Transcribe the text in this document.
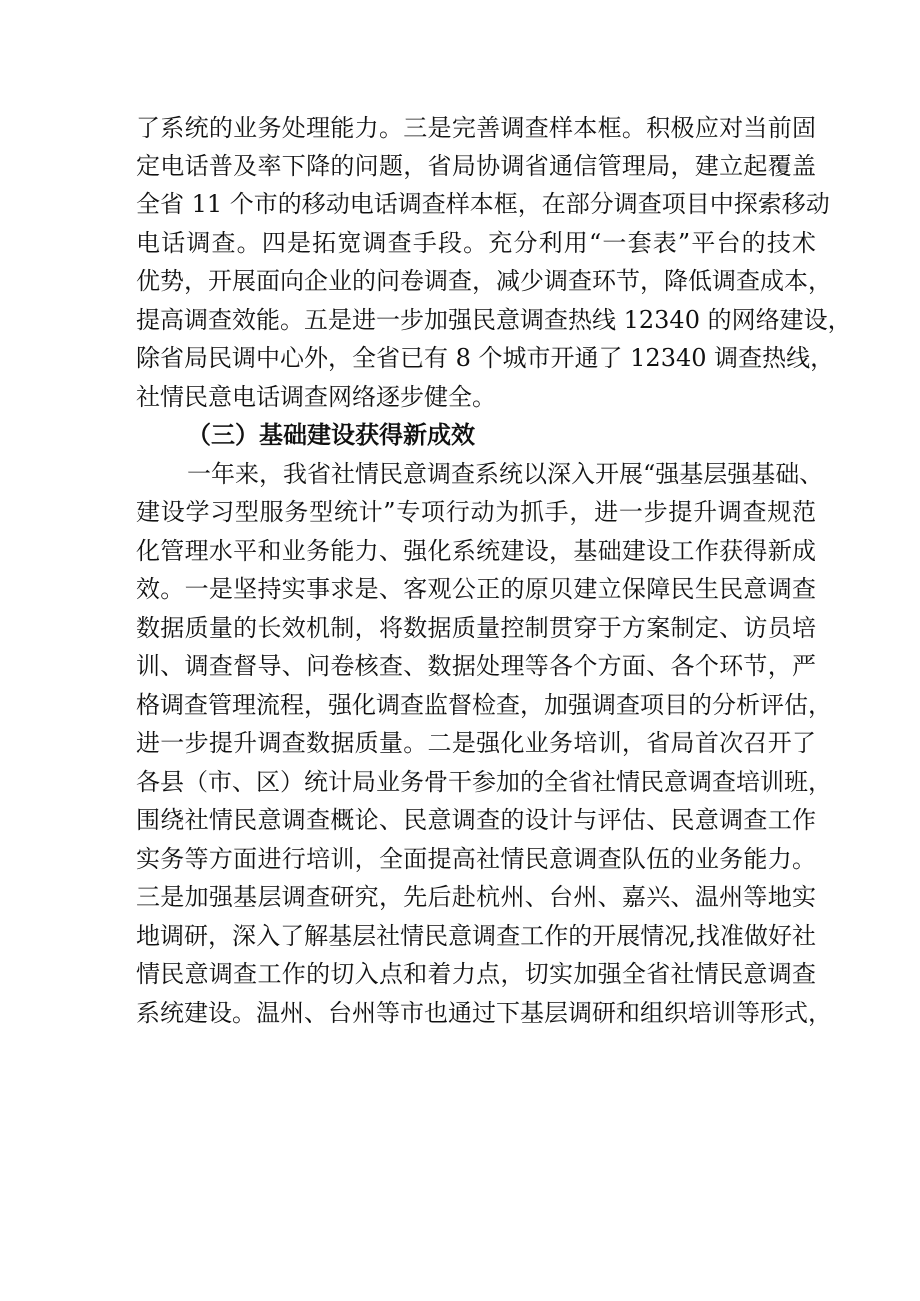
了系统的业务处理能力。三是完善调查样本框。积极应对当前固
定电话普及率下降的问题，省局协调省通信管理局，建立起覆盖
全省 11 个市的移动电话调查样本框，在部分调查项目中探索移动
电话调查。四是拓宽调查手段。充分利用“一套表”平台的技术
优势，开展面向企业的问卷调查，减少调查环节，降低调查成本，
提高调查效能。五是进一步加强民意调查热线 12340 的网络建设，
除省局民调中心外，全省已有 8 个城市开通了 12340 调查热线，
社情民意电话调查网络逐步健全。
（三）基础建设获得新成效
一年来，我省社情民意调查系统以深入开展“强基层强基础、
建设学习型服务型统计”专项行动为抓手，进一步提升调查规范
化管理水平和业务能力、强化系统建设，基础建设工作获得新成
效。一是坚持实事求是、客观公正的原贝建立保障民生民意调查
数据质量的长效机制，将数据质量控制贯穿于方案制定、访员培
训、调查督导、问卷核查、数据处理等各个方面、各个环节，严
格调查管理流程，强化调查监督检查，加强调查项目的分析评估，
进一步提升调查数据质量。二是强化业务培训，省局首次召开了
各县（市、区）统计局业务骨干参加的全省社情民意调查培训班，
围绕社情民意调查概论、民意调查的设计与评估、民意调查工作
实务等方面进行培训，全面提高社情民意调查队伍的业务能力。
三是加强基层调查研究，先后赴杭州、台州、嘉兴、温州等地实
地调研，深入了解基层社情民意调查工作的开展情况,找准做好社
情民意调查工作的切入点和着力点，切实加强全省社情民意调查
系统建设。温州、台州等市也通过下基层调研和组织培训等形式，
